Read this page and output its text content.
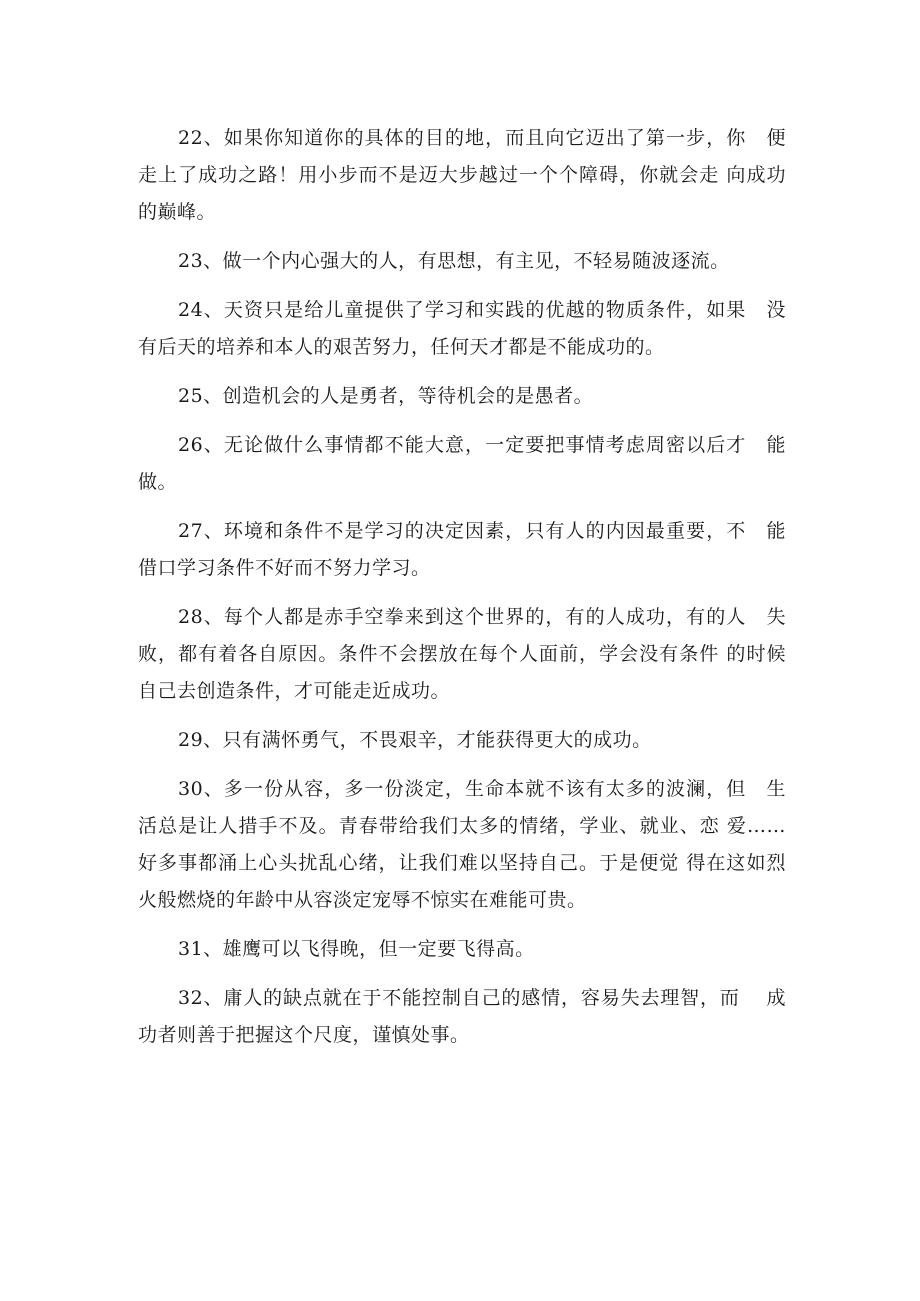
22、如果你知道你的具体的目的地，而且向它迈出了第一步，你　便走上了成功之路！用小步而不是迈大步越过一个个障碍，你就会走 向成功的巅峰。

23、做一个内心强大的人，有思想，有主见，不轻易随波逐流。

24、天资只是给儿童提供了学习和实践的优越的物质条件，如果　没有后天的培养和本人的艰苦努力，任何天才都是不能成功的。

25、创造机会的人是勇者，等待机会的是愚者。

26、无论做什么事情都不能大意，一定要把事情考虑周密以后才　能做。

27、环境和条件不是学习的决定因素，只有人的内因最重要，不　能借口学习条件不好而不努力学习。

28、每个人都是赤手空拳来到这个世界的，有的人成功，有的人　失败，都有着各自原因。条件不会摆放在每个人面前，学会没有条件 的时候自己去创造条件，才可能走近成功。

29、只有满怀勇气，不畏艰辛，才能获得更大的成功。

30、多一份从容，多一份淡定，生命本就不该有太多的波澜，但　生活总是让人措手不及。青春带给我们太多的情绪，学业、就业、恋 爱……好多事都涌上心头扰乱心绪，让我们难以坚持自己。于是便觉 得在这如烈火般燃烧的年龄中从容淡定宠辱不惊实在难能可贵。

31、雄鹰可以飞得晚，但一定要飞得高。

32、庸人的缺点就在于不能控制自己的感情，容易失去理智，而　 成功者则善于把握这个尺度，谨慎处事。
